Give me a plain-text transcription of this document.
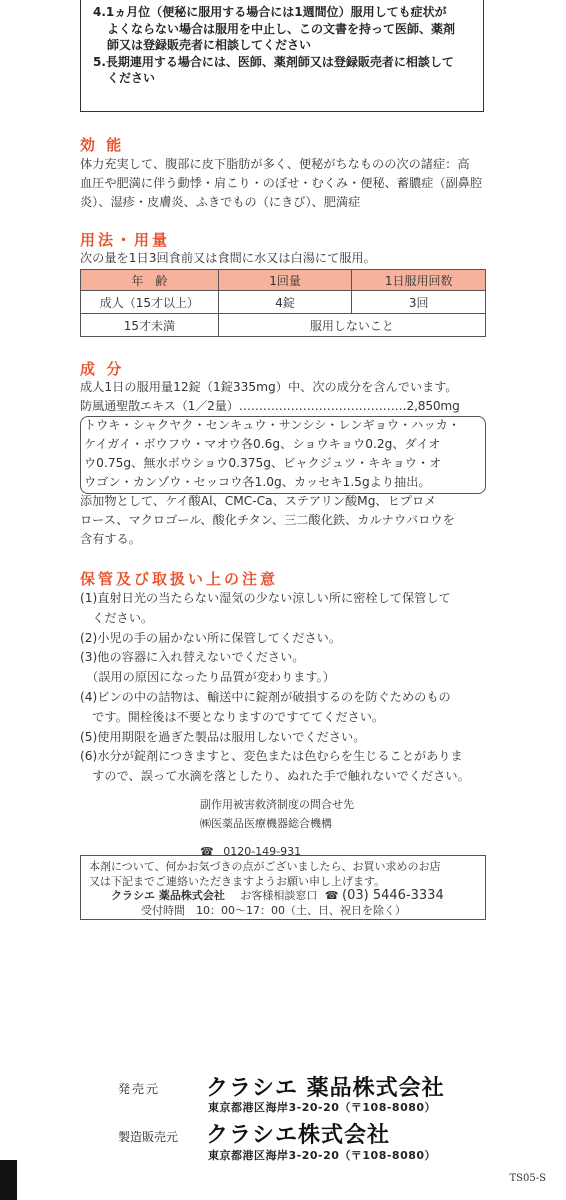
4.1ヵ月位（便秘に服用する場合には1週間位）服用しても症状が
よくならない場合は服用を中止し、この文書を持って医師、薬剤
師又は登録販売者に相談してください
5.長期連用する場合には、医師、薬剤師又は登録販売者に相談して
ください
効 能
体力充実して、腹部に皮下脂肪が多く、便秘がちなものの次の諸症：高
血圧や肥満に伴う動悸・肩こり・のぼせ・むくみ・便秘、蓄膿症（副鼻腔
炎）、湿疹・皮膚炎、ふきでもの（にきび）、肥満症
用法・用量
次の量を1日3回食前又は食間に水又は白湯にて服用。
年　齢	1回量	1日服用回数
成人（15才以上）	4錠	3回
15才未満	服用しないこと	
成 分
成人1日の服用量12錠（1錠335mg）中、次の成分を含んでいます。
防風通聖散エキス（1／2量）……………………………………2,850mg
トウキ・シャクヤク・センキュウ・サンシシ・レンギョウ・ハッカ・
ケイガイ・ボウフウ・マオウ各0.6g、ショウキョウ0.2g、ダイオ
ウ0.75g、無水ボウショウ0.375g、ビャクジュツ・キキョウ・オ
ウゴン・カンゾウ・セッコウ各1.0g、カッセキ1.5gより抽出。
添加物として、ケイ酸Al、CMC-Ca、ステアリン酸Mg、ヒプロメ
ロース、マクロゴール、酸化チタン、三二酸化鉄、カルナウバロウを
含有する。
保管及び取扱い上の注意
(1)直射日光の当たらない湿気の少ない涼しい所に密栓して保管して
　ください。
(2)小児の手の届かない所に保管してください。
(3)他の容器に入れ替えないでください。
　（誤用の原因になったり品質が変わります。）
(4)ビンの中の詰物は、輸送中に錠剤が破損するのを防ぐためのもの
　です。開栓後は不要となりますのですててください。
(5)使用期限を過ぎた製品は服用しないでください。
(6)水分が錠剤につきますと、変色または色むらを生じることがありま
　すので、誤って水滴を落としたり、ぬれた手で触れないでください。
副作用被害救済制度の問合せ先
㈱医薬品医療機器総合機構
☎ 0120-149-931
本剤について、何かお気づきの点がございましたら、お買い求めのお店
又は下記までご連絡いただきますようお願い申し上げます。
クラシエ 薬品株式会社 お客様相談窓口 ☎ (03) 5446-3334
受付時間　10：00〜17：00（土、日、祝日を除く）
発売元 クラシエ 薬品株式会社
東京都港区海岸3-20-20（〒108-8080）
製造販売元 クラシエ株式会社
東京都港区海岸3-20-20（〒108-8080）
TS05-S
